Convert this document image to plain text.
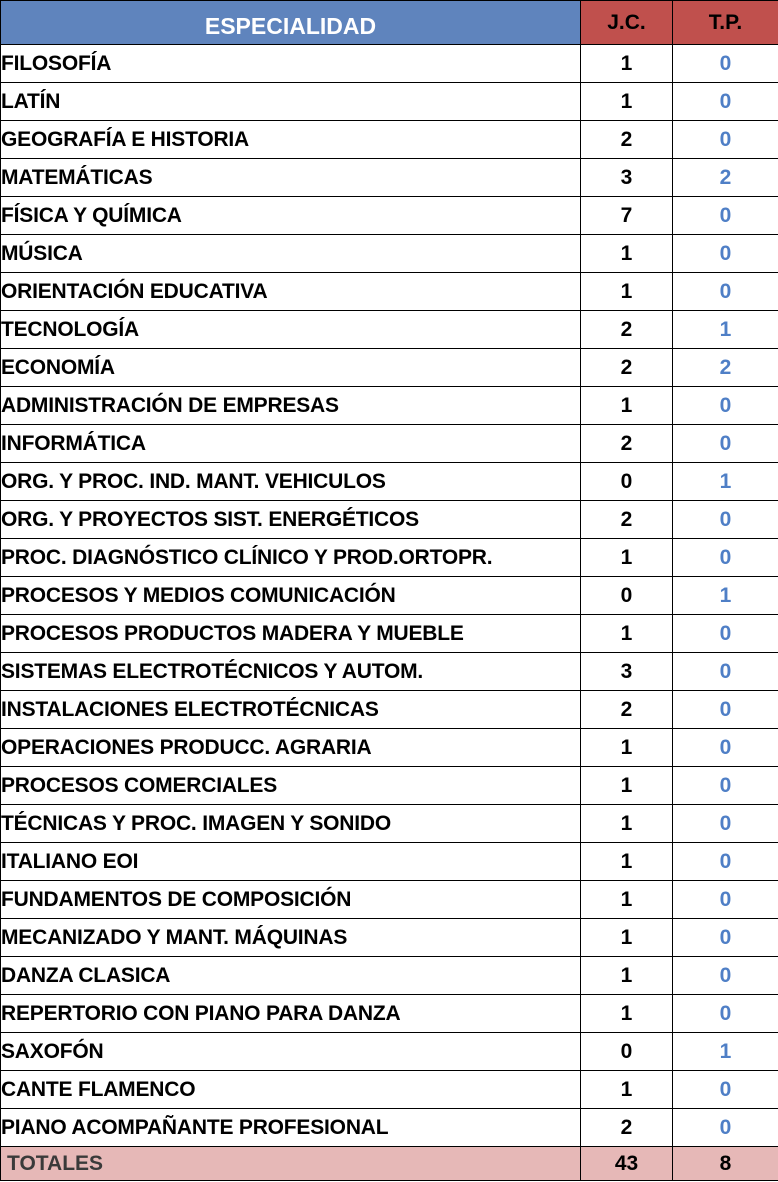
ESPECIALIDAD	J.C.	T.P.
FILOSOFÍA	1	0
LATÍN	1	0
GEOGRAFÍA E HISTORIA	2	0
MATEMÁTICAS	3	2
FÍSICA Y QUÍMICA	7	0
MÚSICA	1	0
ORIENTACIÓN EDUCATIVA	1	0
TECNOLOGÍA	2	1
ECONOMÍA	2	2
ADMINISTRACIÓN DE EMPRESAS	1	0
INFORMÁTICA	2	0
ORG. Y PROC. IND. MANT. VEHICULOS	0	1
ORG. Y PROYECTOS SIST. ENERGÉTICOS	2	0
PROC. DIAGNÓSTICO CLÍNICO Y PROD.ORTOPR.	1	0
PROCESOS Y MEDIOS COMUNICACIÓN	0	1
PROCESOS PRODUCTOS MADERA Y MUEBLE	1	0
SISTEMAS ELECTROTÉCNICOS Y AUTOM.	3	0
INSTALACIONES ELECTROTÉCNICAS	2	0
OPERACIONES PRODUCC. AGRARIA	1	0
PROCESOS COMERCIALES	1	0
TÉCNICAS Y PROC. IMAGEN Y SONIDO	1	0
ITALIANO EOI	1	0
FUNDAMENTOS DE COMPOSICIÓN	1	0
MECANIZADO Y MANT. MÁQUINAS	1	0
DANZA CLASICA	1	0
REPERTORIO CON PIANO PARA DANZA	1	0
SAXOFÓN	0	1
CANTE FLAMENCO	1	0
PIANO ACOMPAÑANTE PROFESIONAL	2	0
TOTALES	43	8
